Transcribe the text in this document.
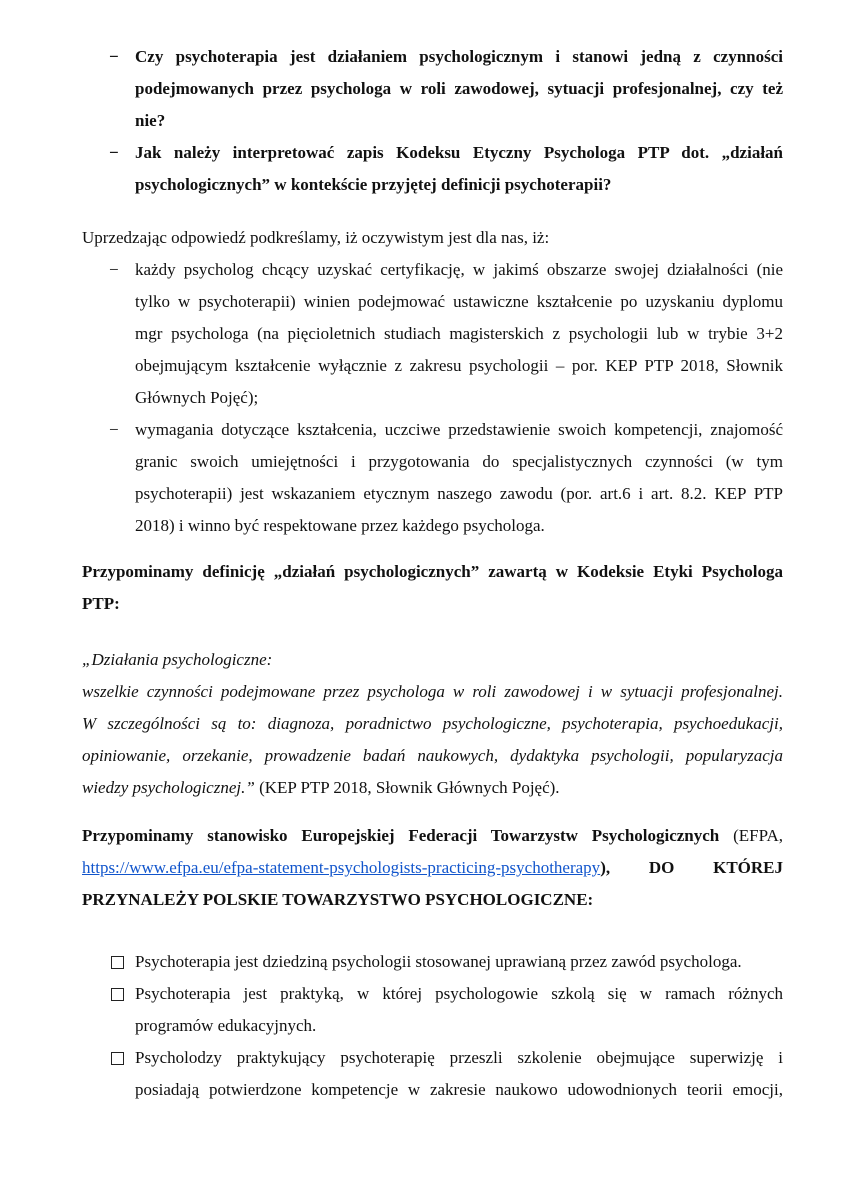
− Czy psychoterapia jest działaniem psychologicznym i stanowi jedną z czynności
podejmowanych przez psychologa w roli zawodowej, sytuacji profesjonalnej, czy też
nie?
− Jak należy interpretować zapis Kodeksu Etyczny Psychologa PTP dot. „działań
psychologicznych” w kontekście przyjętej definicji psychoterapii?
Uprzedzając odpowiedź podkreślamy, iż oczywistym jest dla nas, iż:
− każdy psycholog chcący uzyskać certyfikację, w jakimś obszarze swojej działalności (nie
tylko w psychoterapii) winien podejmować ustawiczne kształcenie po uzyskaniu dyplomu
mgr psychologa (na pięcioletnich studiach magisterskich z psychologii lub w trybie 3+2
obejmującym kształcenie wyłącznie z zakresu psychologii – por. KEP PTP 2018, Słownik
Głównych Pojęć);
− wymagania dotyczące kształcenia, uczciwe przedstawienie swoich kompetencji, znajomość
granic swoich umiejętności i przygotowania do specjalistycznych czynności (w tym
psychoterapii) jest wskazaniem etycznym naszego zawodu (por. art.6 i art. 8.2. KEP PTP
2018) i winno być respektowane przez każdego psychologa.
Przypominamy definicję „działań psychologicznych” zawartą w Kodeksie Etyki Psychologa
PTP:
„Działania psychologiczne:
wszelkie czynności podejmowane przez psychologa w roli zawodowej i w sytuacji profesjonalnej.
W szczególności są to: diagnoza, poradnictwo psychologiczne, psychoterapia, psychoedukacji,
opiniowanie, orzekanie, prowadzenie badań naukowych, dydaktyka psychologii, popularyzacja
wiedzy psychologicznej.” (KEP PTP 2018, Słownik Głównych Pojęć).
Przypominamy stanowisko Europejskiej Federacji Towarzystw Psychologicznych (EFPA,
https://www.efpa.eu/efpa-statement-psychologists-practicing-psychotherapy), DO KTÓREJ
PRZYNALEŻY POLSKIE TOWARZYSTWO PSYCHOLOGICZNE:
Psychoterapia jest dziedziną psychologii stosowanej uprawianą przez zawód psychologa.
Psychoterapia jest praktyką, w której psychologowie szkolą się w ramach różnych
programów edukacyjnych.
Psycholodzy praktykujący psychoterapię przeszli szkolenie obejmujące superwizję i
posiadają potwierdzone kompetencje w zakresie naukowo udowodnionych teorii emocji,
